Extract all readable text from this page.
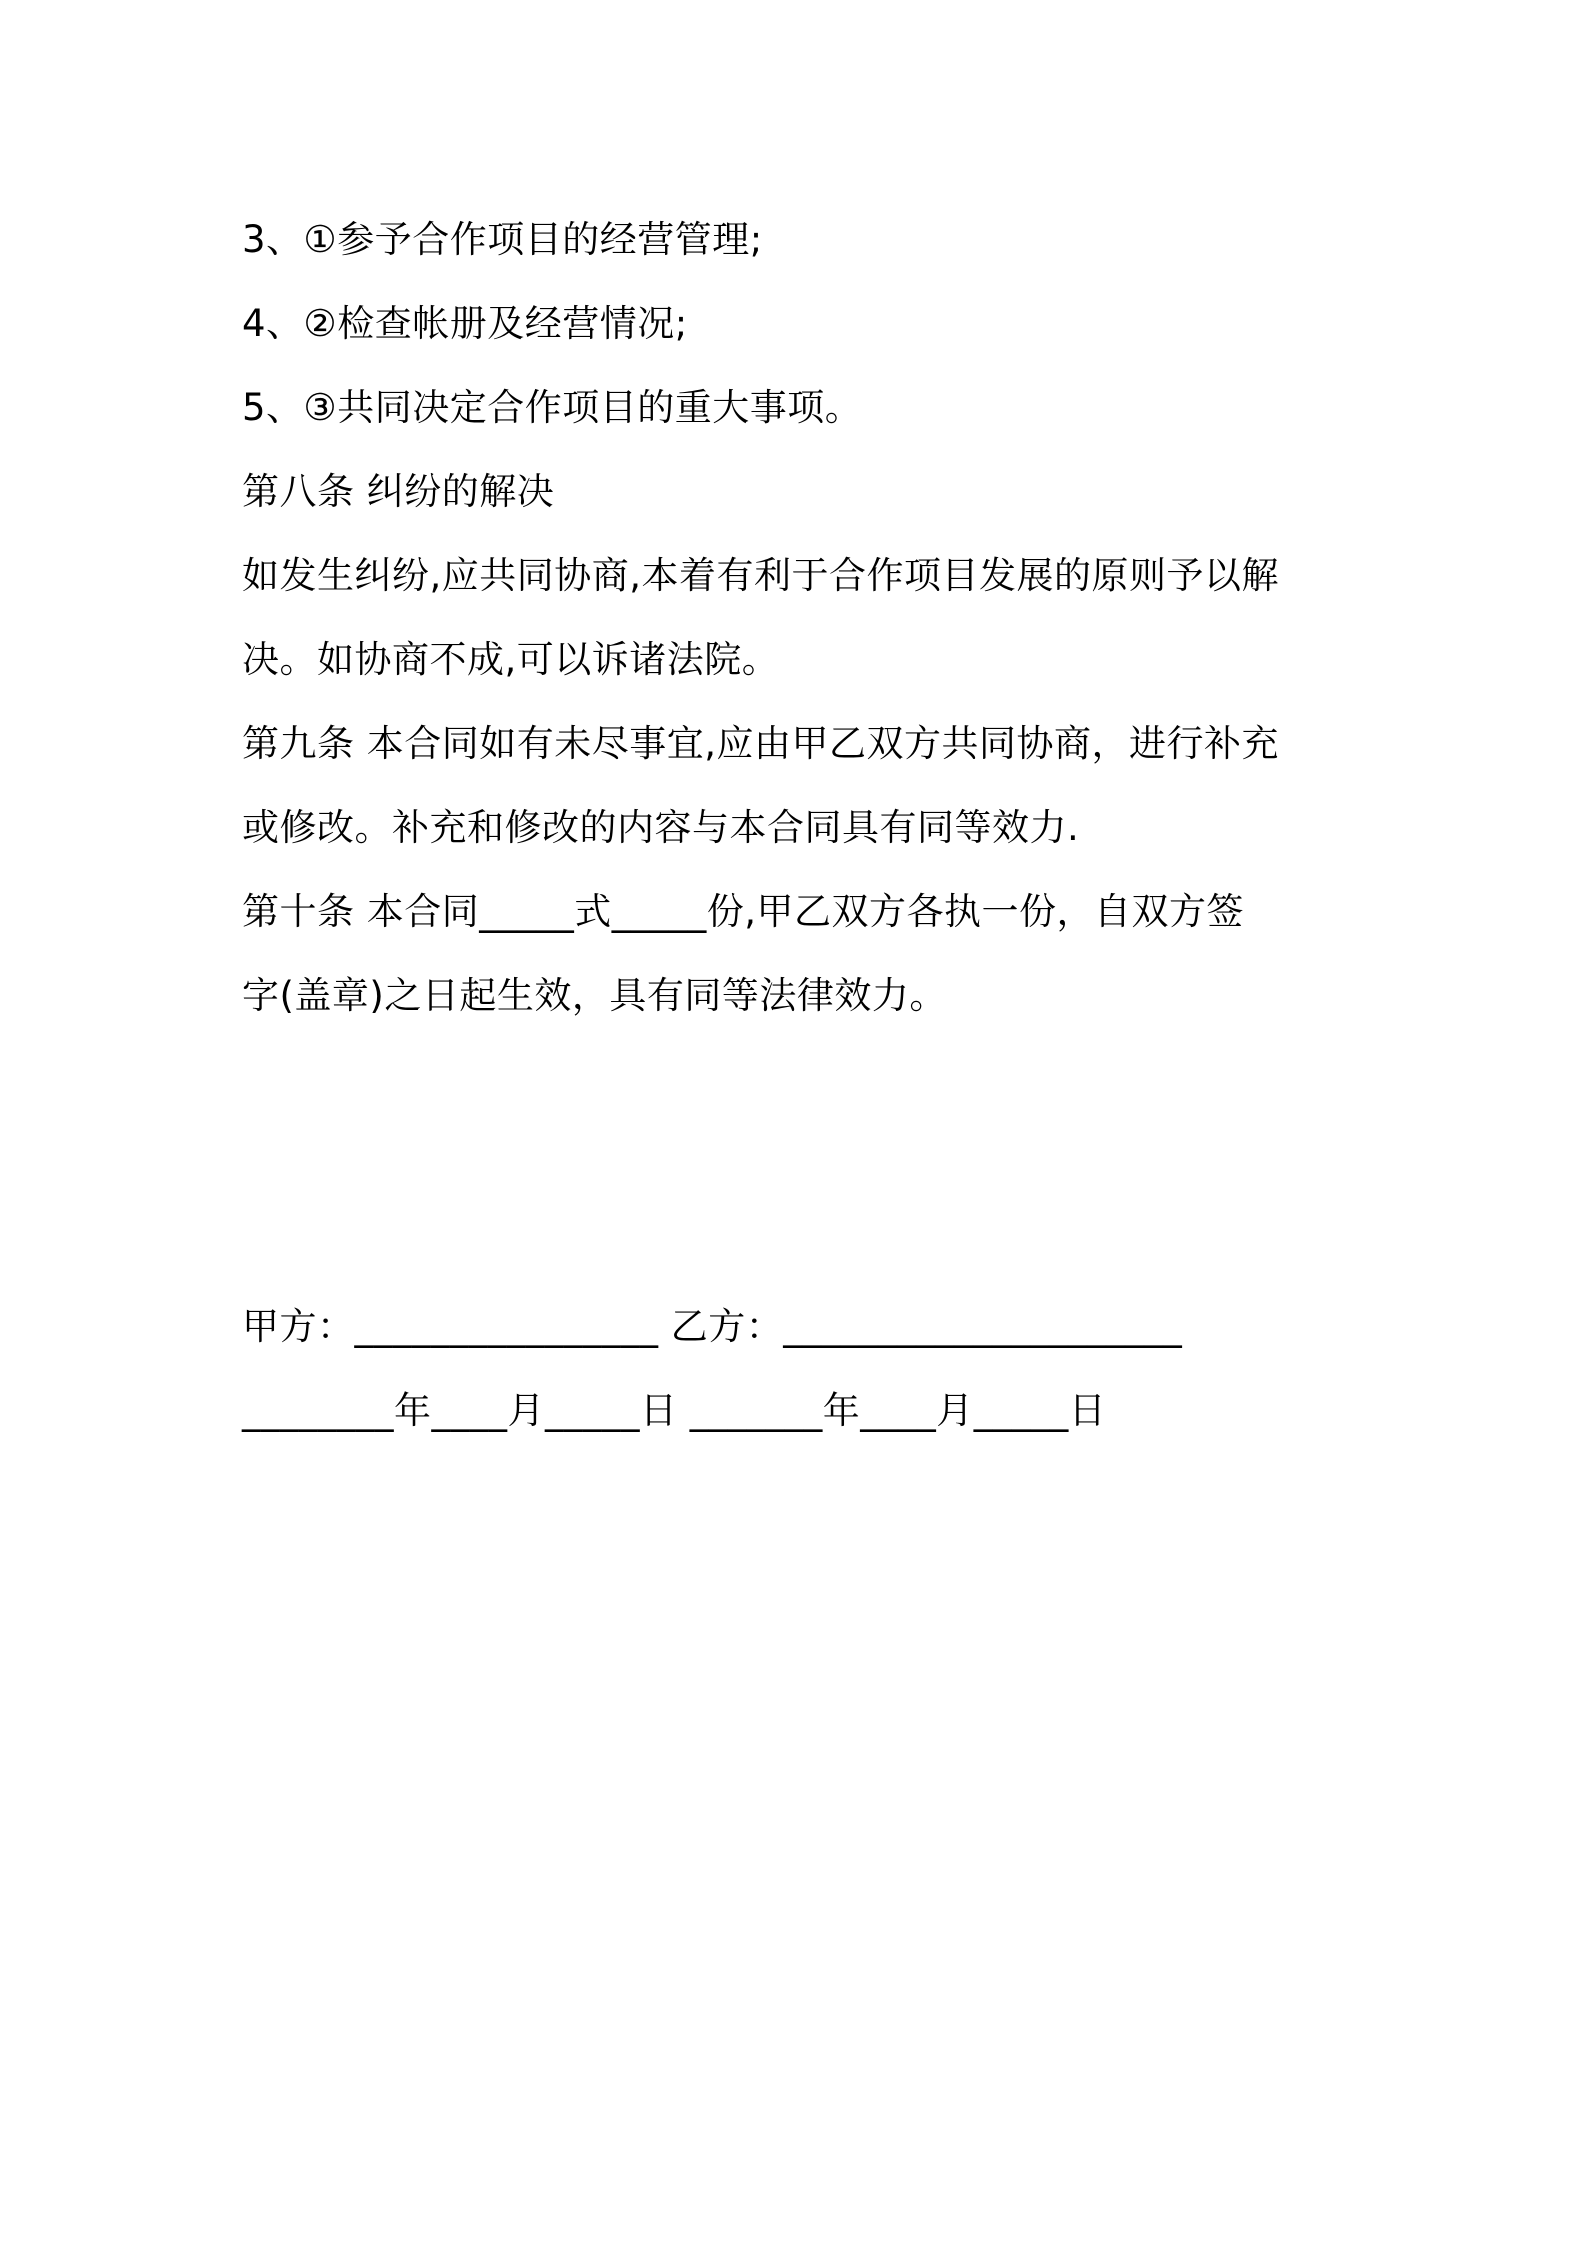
3、①参予合作项目的经营管理;
4、②检查帐册及经营情况;
5、③共同决定合作项目的重大事项。
第八条 纠纷的解决
如发生纠纷,应共同协商,本着有利于合作项目发展的原则予以解
决。如协商不成,可以诉诸法院。
第九条 本合同如有未尽事宜,应由甲乙双方共同协商，进行补充
或修改。补充和修改的内容与本合同具有同等效力.
第十条 本合同_____式_____份,甲乙双方各执一份，自双方签
字(盖章)之日起生效，具有同等法律效力。
甲方：________________ 乙方：_____________________
________年____月_____日 _______年____月_____日
